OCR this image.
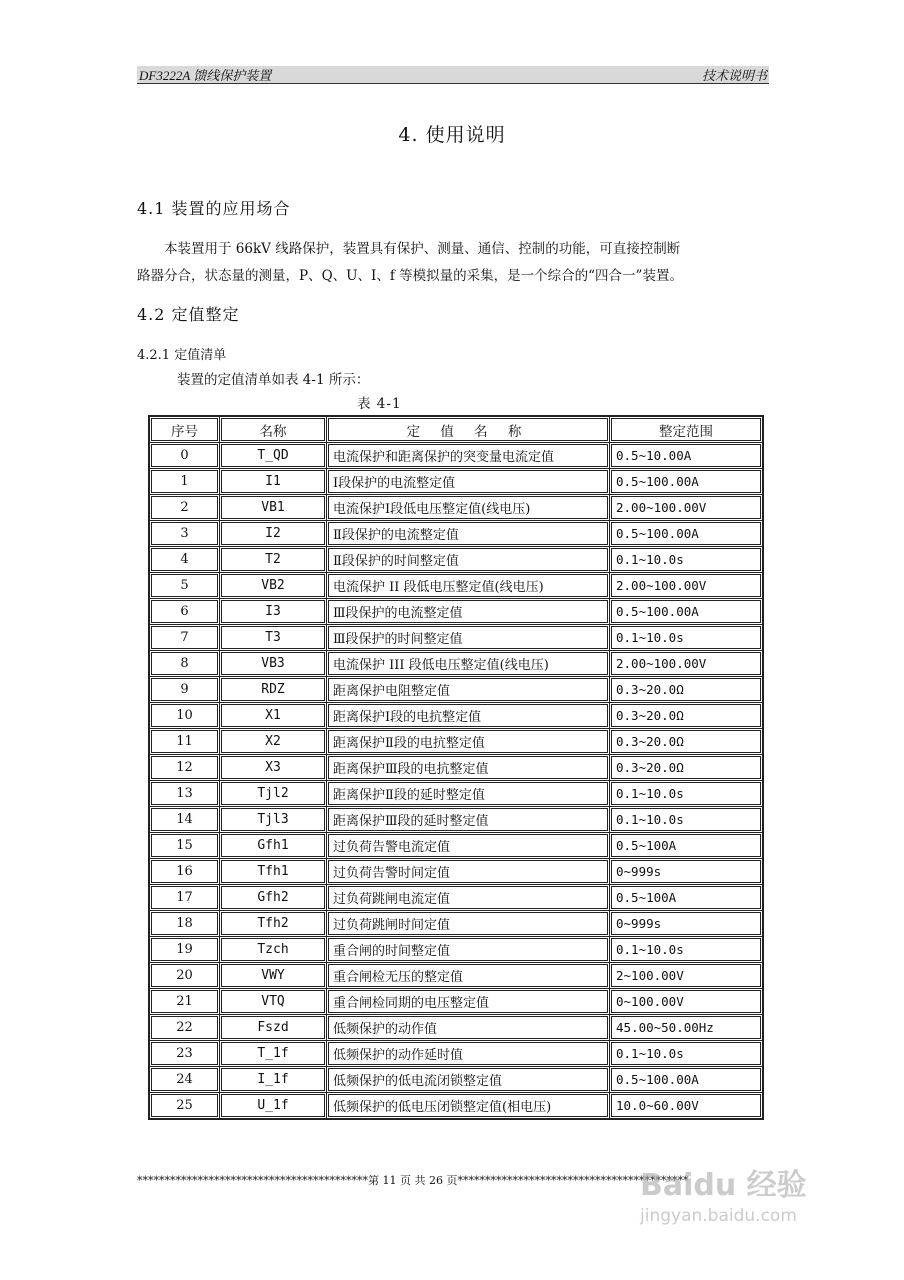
DF3222A 馈线保护装置	技术说明书
4. 使用说明
4.1 装置的应用场合
本装置用于 66kV 线路保护，装置具有保护、测量、通信、控制的功能，可直接控制断
路器分合，状态量的测量，P、Q、U、I、f 等模拟量的采集，是一个综合的“四合一”装置。
4.2 定值整定
4.2.1 定值清单
装置的定值清单如表 4-1 所示：
表 4-1
序号	名称	定 值 名 称	整定范围
0	T_QD	电流保护和距离保护的突变量电流定值	0.5~10.00A
1	I1	Ⅰ段保护的电流整定值	0.5~100.00A
2	VB1	电流保护Ⅰ段低电压整定值(线电压)	2.00~100.00V
3	I2	Ⅱ段保护的电流整定值	0.5~100.00A
4	T2	Ⅱ段保护的时间整定值	0.1~10.0s
5	VB2	电流保护 II 段低电压整定值(线电压)	2.00~100.00V
6	I3	Ⅲ段保护的电流整定值	0.5~100.00A
7	T3	Ⅲ段保护的时间整定值	0.1~10.0s
8	VB3	电流保护 III 段低电压整定值(线电压)	2.00~100.00V
9	RDZ	距离保护电阻整定值	0.3~20.0Ω
10	X1	距离保护Ⅰ段的电抗整定值	0.3~20.0Ω
11	X2	距离保护Ⅱ段的电抗整定值	0.3~20.0Ω
12	X3	距离保护Ⅲ段的电抗整定值	0.3~20.0Ω
13	Tjl2	距离保护Ⅱ段的延时整定值	0.1~10.0s
14	Tjl3	距离保护Ⅲ段的延时整定值	0.1~10.0s
15	Gfh1	过负荷告警电流定值	0.5~100A
16	Tfh1	过负荷告警时间定值	0~999s
17	Gfh2	过负荷跳闸电流定值	0.5~100A
18	Tfh2	过负荷跳闸时间定值	0~999s
19	Tzch	重合闸的时间整定值	0.1~10.0s
20	VWY	重合闸检无压的整定值	2~100.00V
21	VTQ	重合闸检同期的电压整定值	0~100.00V
22	Fszd	低频保护的动作值	45.00~50.00Hz
23	T_1f	低频保护的动作延时值	0.1~10.0s
24	I_1f	低频保护的低电流闭锁整定值	0.5~100.00A
25	U_1f	低频保护的低电压闭锁整定值(相电压)	10.0~60.00V
******************************************第 11 页 共 26 页******************************************
Baidu 经验
jingyan.baidu.com
